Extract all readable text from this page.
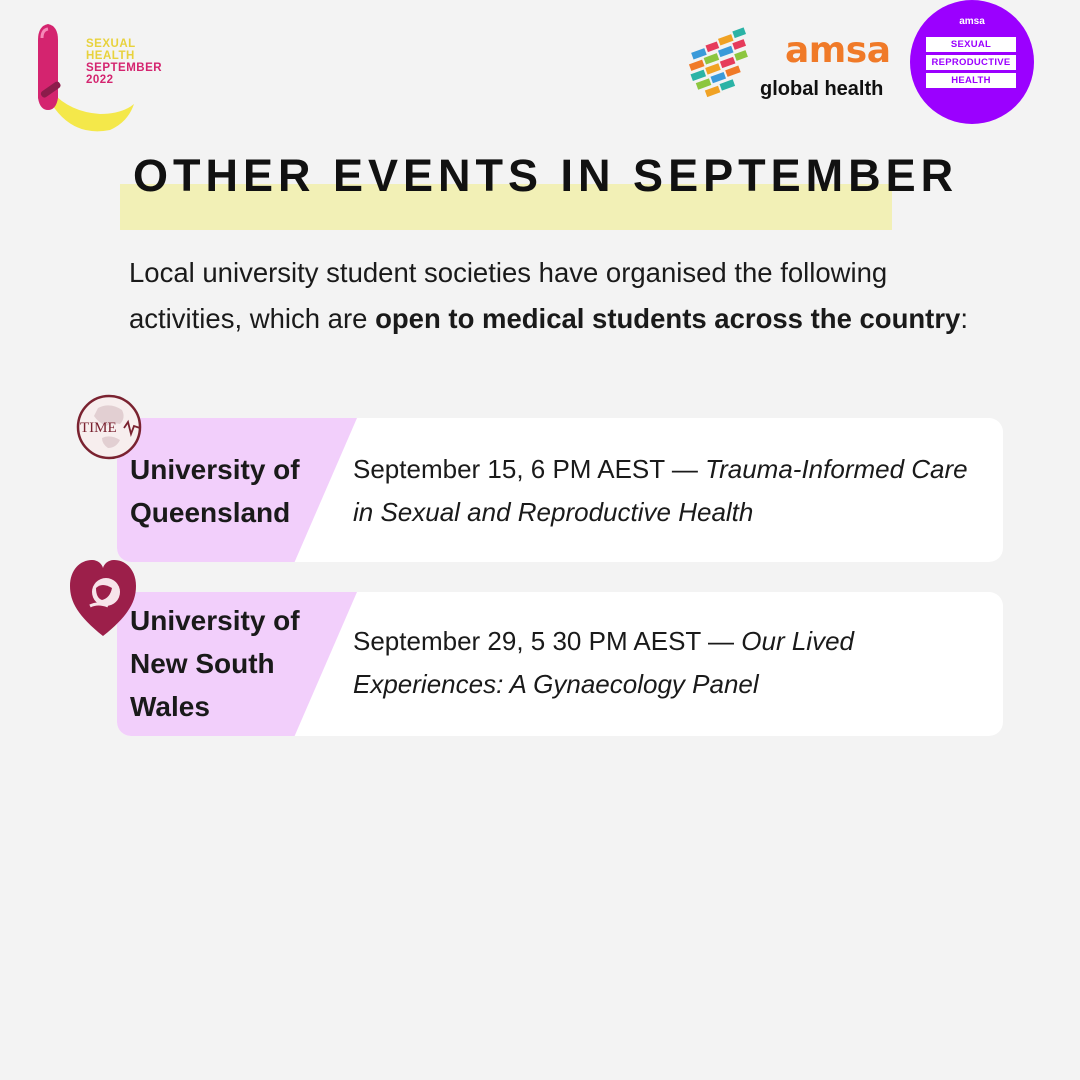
SEXUAL
HEALTH
SEPTEMBER
2022
amsa
global health
amsa
SEXUAL
REPRODUCTIVE
HEALTH
OTHER EVENTS IN SEPTEMBER
Local university student societies have organised the following activities, which are open to medical students across the country:
University of
Queensland
September 15, 6 PM AEST — Trauma-Informed Care in Sexual and Reproductive Health
TIME
University of
New South
Wales
September 29, 5 30 PM AEST — Our Lived Experiences: A Gynaecology Panel
